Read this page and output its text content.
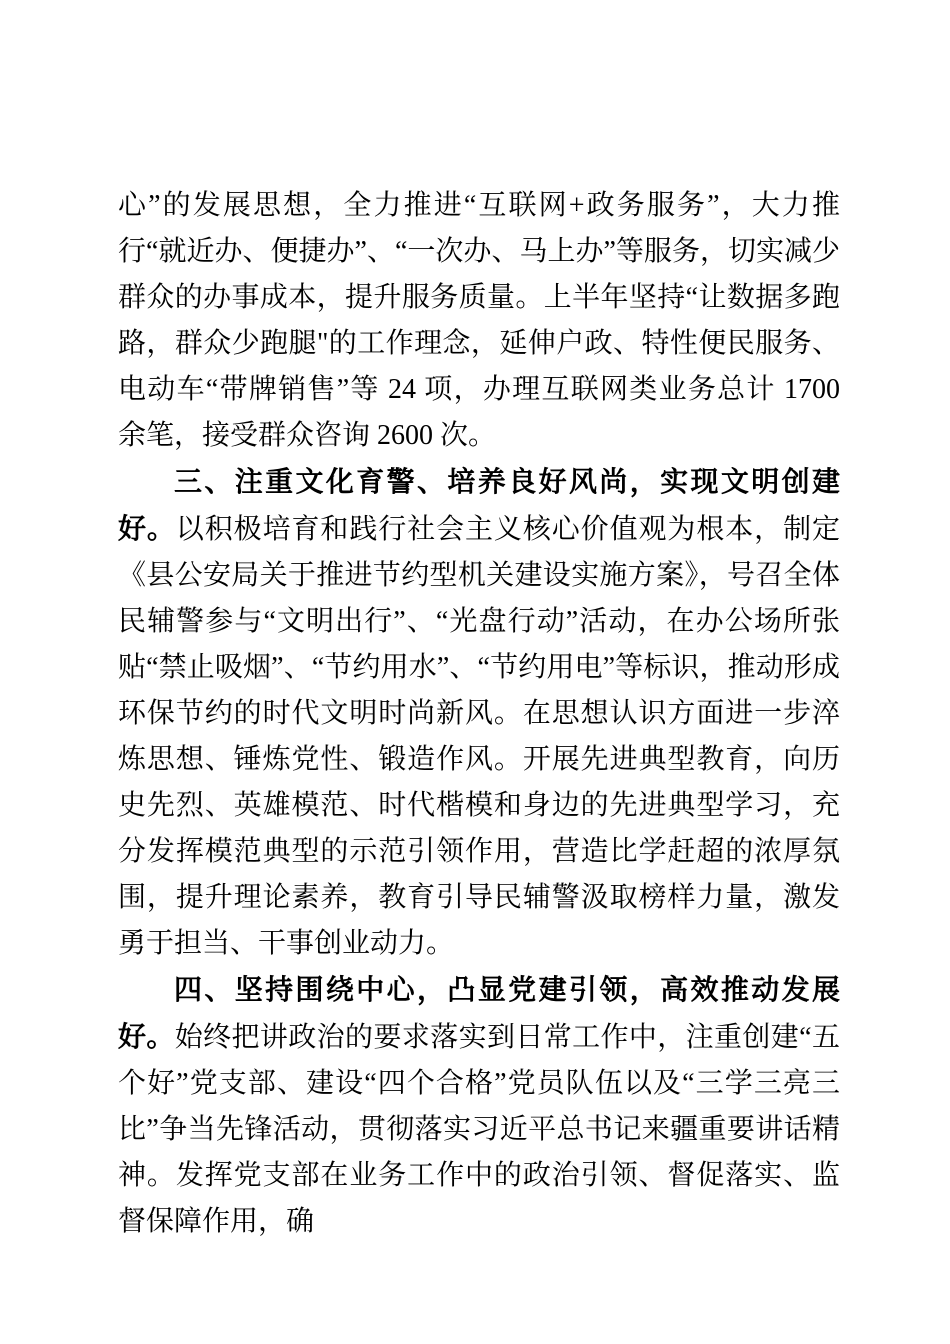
心”的发展思想，全力推进“互联网+政务服务”，大力推行“就近办、便捷办”、“一次办、马上办”等服务，切实减少群众的办事成本，提升服务质量。上半年坚持“让数据多跑路，群众少跑腿"的工作理念，延伸户政、特性便民服务、电动车“带牌销售”等 24 项，办理互联网类业务总计 1700 余笔，接受群众咨询 2600 次。

三、注重文化育警、培养良好风尚，实现文明创建好。以积极培育和践行社会主义核心价值观为根本，制定《县公安局关于推进节约型机关建设实施方案》，号召全体民辅警参与“文明出行”、“光盘行动”活动，在办公场所张贴“禁止吸烟”、“节约用水”、“节约用电”等标识，推动形成环保节约的时代文明时尚新风。在思想认识方面进一步淬炼思想、锤炼党性、锻造作风。开展先进典型教育，向历史先烈、英雄模范、时代楷模和身边的先进典型学习，充分发挥模范典型的示范引领作用，营造比学赶超的浓厚氛围，提升理论素养，教育引导民辅警汲取榜样力量，激发勇于担当、干事创业动力。

四、坚持围绕中心，凸显党建引领，高效推动发展好。始终把讲政治的要求落实到日常工作中，注重创建“五个好”党支部、建设“四个合格”党员队伍以及“三学三亮三比”争当先锋活动，贯彻落实习近平总书记来疆重要讲话精神。发挥党支部在业务工作中的政治引领、督促落实、监督保障作用，确
